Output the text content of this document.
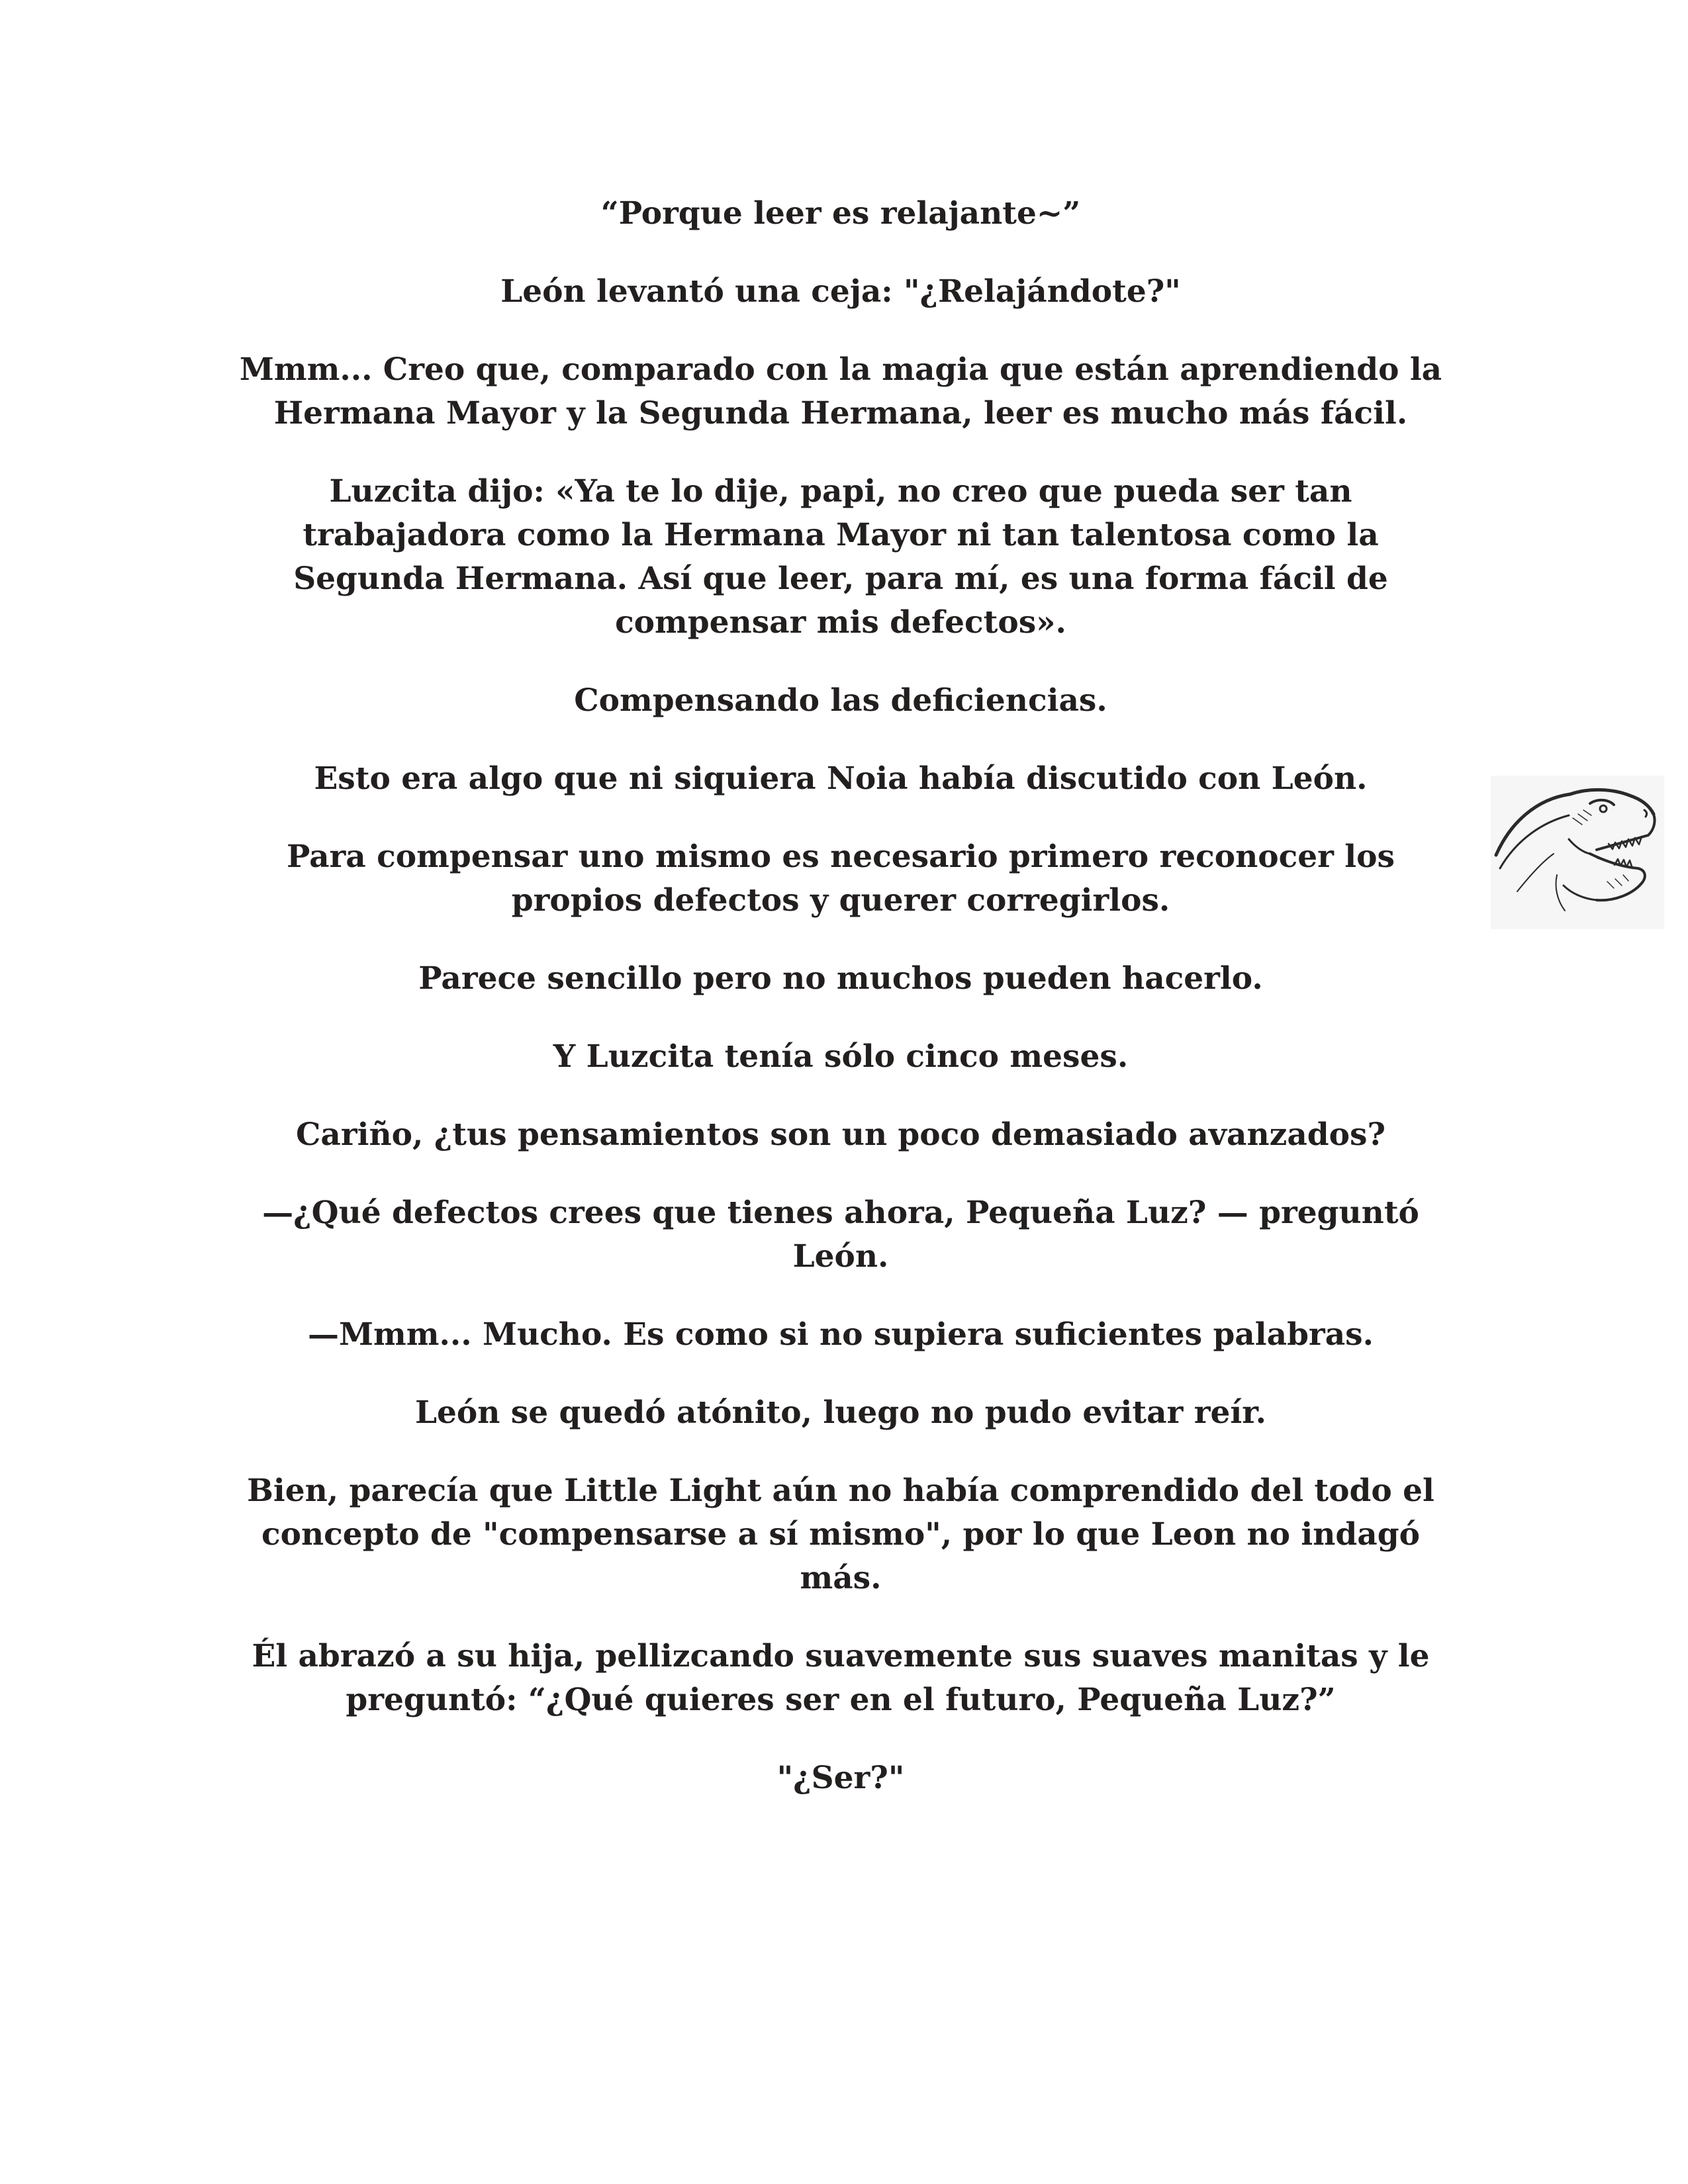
“Porque leer es relajante~”

León levantó una ceja: "¿Relajándote?"

Mmm... Creo que, comparado con la magia que están aprendiendo la Hermana Mayor y la Segunda Hermana, leer es mucho más fácil.

Luzcita dijo: «Ya te lo dije, papi, no creo que pueda ser tan trabajadora como la Hermana Mayor ni tan talentosa como la Segunda Hermana. Así que leer, para mí, es una forma fácil de compensar mis defectos».

Compensando las deficiencias.

Esto era algo que ni siquiera Noia había discutido con León.

Para compensar uno mismo es necesario primero reconocer los propios defectos y querer corregirlos.

Parece sencillo pero no muchos pueden hacerlo.

Y Luzcita tenía sólo cinco meses.

Cariño, ¿tus pensamientos son un poco demasiado avanzados?

—¿Qué defectos crees que tienes ahora, Pequeña Luz? — preguntó León.

—Mmm... Mucho. Es como si no supiera suficientes palabras.

León se quedó atónito, luego no pudo evitar reír.

Bien, parecía que Little Light aún no había comprendido del todo el concepto de "compensarse a sí mismo", por lo que Leon no indagó más.

Él abrazó a su hija, pellizcando suavemente sus suaves manitas y le preguntó: “¿Qué quieres ser en el futuro, Pequeña Luz?”

"¿Ser?"
